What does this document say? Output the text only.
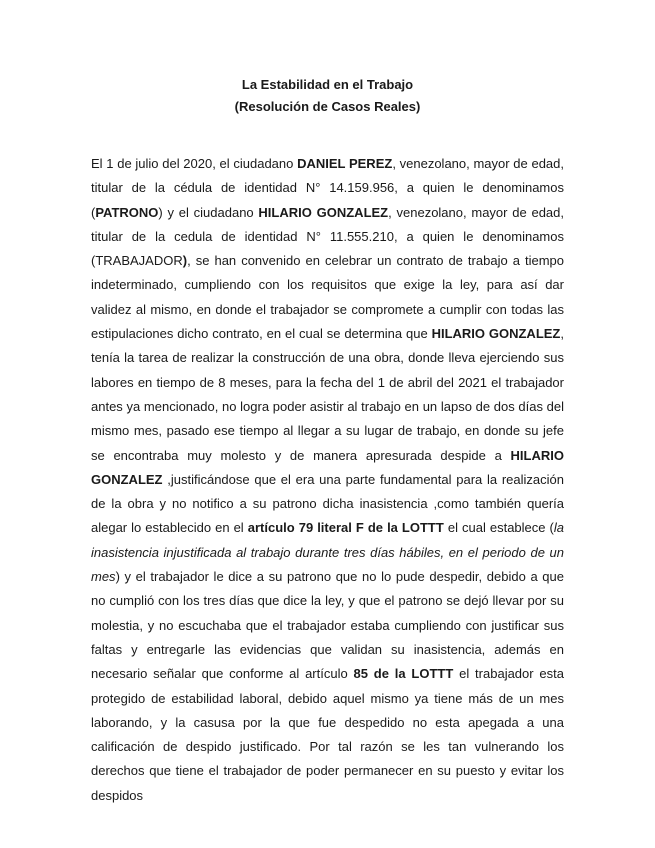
La Estabilidad en el Trabajo
(Resolución de Casos Reales)
El 1 de julio del 2020, el ciudadano DANIEL PEREZ, venezolano, mayor de edad, titular de la cédula de identidad N° 14.159.956, a quien le denominamos (PATRONO) y el ciudadano HILARIO GONZALEZ, venezolano, mayor de edad, titular de la cedula de identidad N° 11.555.210, a quien le denominamos (TRABAJADOR), se han convenido en celebrar un contrato de trabajo a tiempo indeterminado, cumpliendo con los requisitos que exige la ley, para así dar validez al mismo, en donde el trabajador se compromete a cumplir con todas las estipulaciones dicho contrato, en el cual se determina que HILARIO GONZALEZ, tenía la tarea de realizar la construcción de una obra, donde lleva ejerciendo sus labores en tiempo de 8 meses, para la fecha del 1 de abril del 2021 el trabajador antes ya mencionado, no logra poder asistir al trabajo en un lapso de dos días del mismo mes, pasado ese tiempo al llegar a su lugar de trabajo, en donde su jefe se encontraba muy molesto y de manera apresurada despide a HILARIO GONZALEZ ,justificándose que el era una parte fundamental para la realización de la obra y no notifico a su patrono dicha inasistencia ,como también quería alegar lo establecido en el artículo 79 literal F de la LOTTT el cual establece (la inasistencia injustificada al trabajo durante tres días hábiles, en el periodo de un mes) y el trabajador le dice a su patrono que no lo pude despedir, debido a que no cumplió con los tres días que dice la ley, y que el patrono se dejó llevar por su molestia, y no escuchaba que el trabajador estaba cumpliendo con justificar sus faltas y entregarle las evidencias que validan su inasistencia, además en necesario señalar que conforme al artículo 85 de la LOTTT el trabajador esta protegido de estabilidad laboral, debido aquel mismo ya tiene más de un mes laborando, y la casusa por la que fue despedido no esta apegada a una calificación de despido justificado. Por tal razón se les tan vulnerando los derechos que tiene el trabajador de poder permanecer en su puesto y evitar los despidos
